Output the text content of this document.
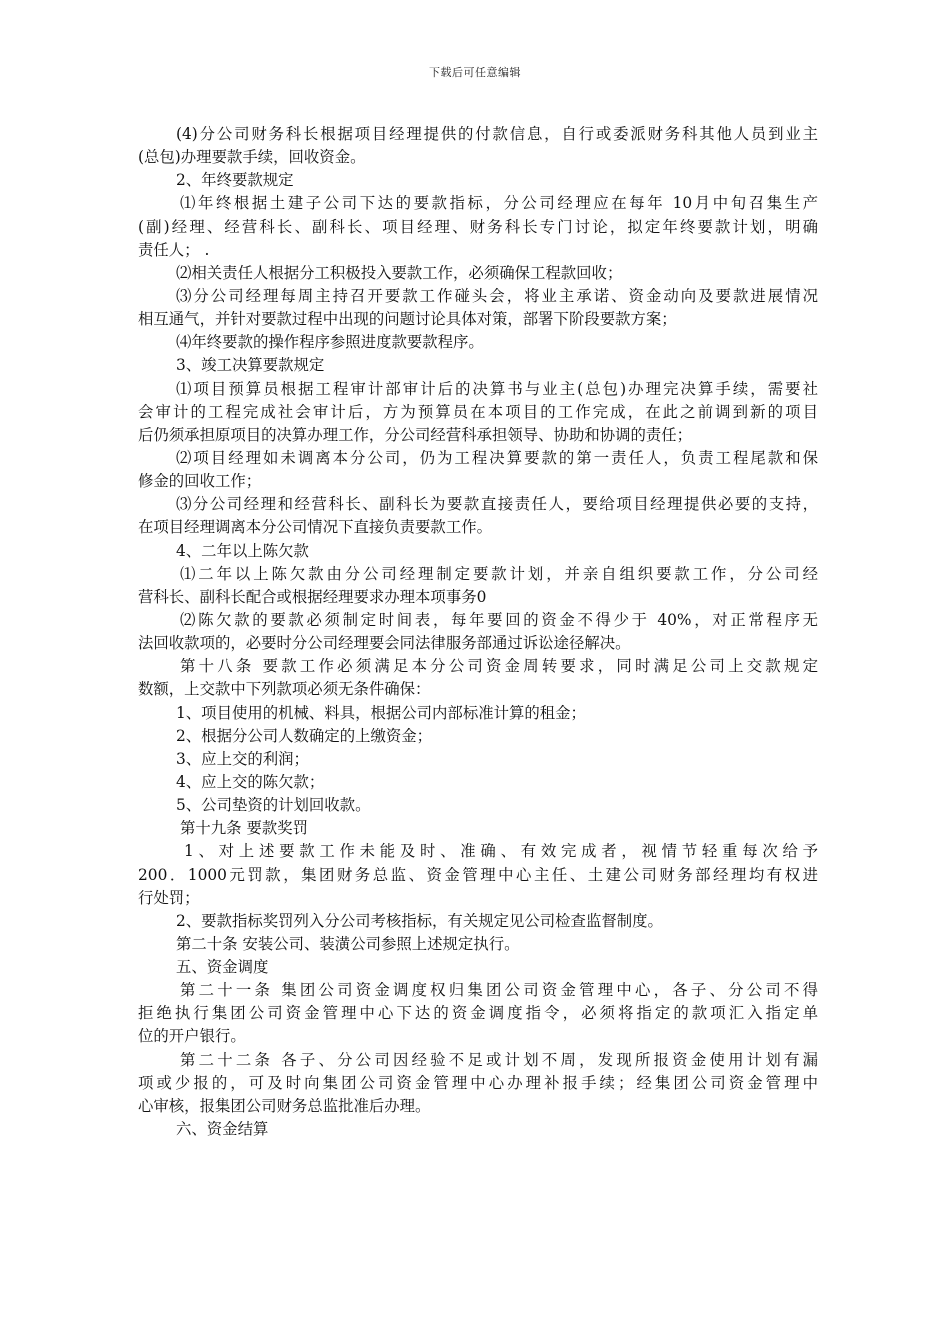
下载后可任意编辑
(4)分公司财务科长根据项目经理提供的付款信息，自行或委派财务科其他人员到业主
(总包)办理要款手续，回收资金。
2、年终要款规定
⑴年终根据土建子公司下达的要款指标，分公司经理应在每年 10月中旬召集生产
(副)经理、经营科长、副科长、项目经理、财务科长专门讨论，拟定年终要款计划，明确
责任人； .
⑵相关责任人根据分工积极投入要款工作，必须确保工程款回收；
⑶分公司经理每周主持召开要款工作碰头会，将业主承诺、资金动向及要款进展情况
相互通气，并针对要款过程中出现的问题讨论具体对策，部署下阶段要款方案；
⑷年终要款的操作程序参照进度款要款程序。
3、竣工决算要款规定
⑴项目预算员根据工程审计部审计后的决算书与业主(总包)办理完决算手续，需要社
会审计的工程完成社会审计后，方为预算员在本项目的工作完成，在此之前调到新的项目
后仍须承担原项目的决算办理工作，分公司经营科承担领导、协助和协调的责任；
⑵项目经理如未调离本分公司，仍为工程决算要款的第一责任人，负责工程尾款和保
修金的回收工作；
⑶分公司经理和经营科长、副科长为要款直接责任人，要给项目经理提供必要的支持，
在项目经理调离本分公司情况下直接负责要款工作。
4、二年以上陈欠款
⑴二年以上陈欠款由分公司经理制定要款计划，并亲自组织要款工作，分公司经
营科长、副科长配合或根据经理要求办理本项事务0
⑵陈欠款的要款必须制定时间表，每年要回的资金不得少于 40%，对正常程序无
法回收款项的，必要时分公司经理要会同法律服务部通过诉讼途径解决。
第十八条 要款工作必须满足本分公司资金周转要求，同时满足公司上交款规定
数额，上交款中下列款项必须无条件确保：
1、项目使用的机械、料具，根据公司内部标准计算的租金；
2、根据分公司人数确定的上缴资金；
3、应上交的利润；
4、应上交的陈欠款；
5、公司垫资的计划回收款。
第十九条 要款奖罚
1、对上述要款工作未能及时、准确、有效完成者，视情节轻重每次给予
200．1000元罚款，集团财务总监、资金管理中心主任、土建公司财务部经理均有权进
行处罚；
2、要款指标奖罚列入分公司考核指标，有关规定见公司检查监督制度。
第二十条 安装公司、装潢公司参照上述规定执行。
五、资金调度
第二十一条 集团公司资金调度权归集团公司资金管理中心，各子、分公司不得
拒绝执行集团公司资金管理中心下达的资金调度指令，必须将指定的款项汇入指定单
位的开户银行。
第二十二条 各子、分公司因经验不足或计划不周，发现所报资金使用计划有漏
项或少报的，可及时向集团公司资金管理中心办理补报手续；经集团公司资金管理中
心审核，报集团公司财务总监批准后办理。
六、资金结算
